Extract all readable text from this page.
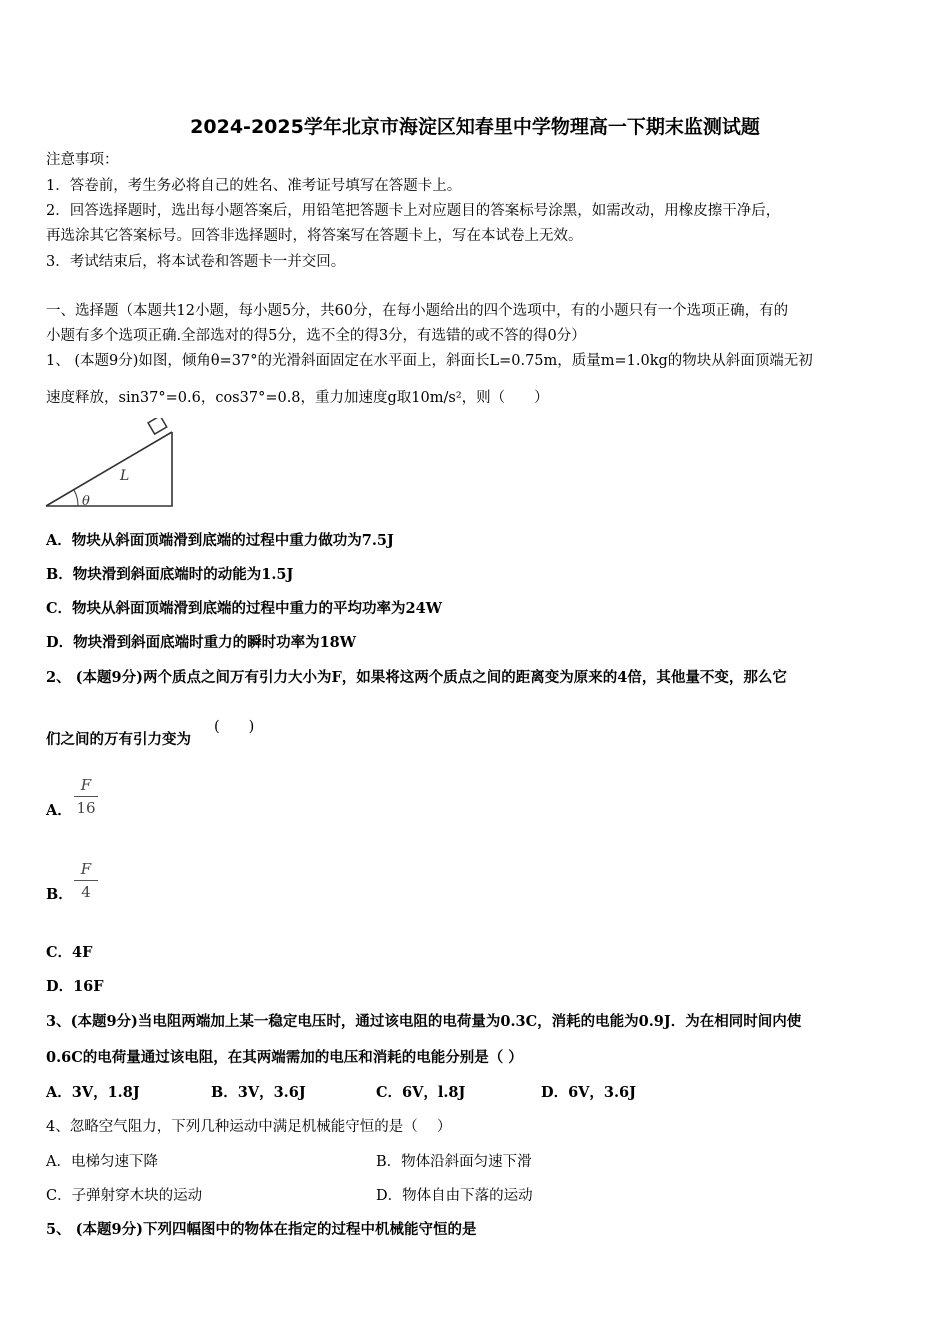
2024-2025学年北京市海淀区知春里中学物理高一下期末监测试题
注意事项：
1．答卷前，考生务必将自己的姓名、准考证号填写在答题卡上。
2．回答选择题时，选出每小题答案后，用铅笔把答题卡上对应题目的答案标号涂黑，如需改动，用橡皮擦干净后，
再选涂其它答案标号。回答非选择题时，将答案写在答题卡上，写在本试卷上无效。
3．考试结束后，将本试卷和答题卡一并交回。
一、选择题（本题共12小题，每小题5分，共60分，在每小题给出的四个选项中，有的小题只有一个选项正确，有的
小题有多个选项正确.全部选对的得5分，选不全的得3分，有选错的或不答的得0分）
1、 (本题9分)如图，倾角θ=37°的光滑斜面固定在水平面上，斜面长L=0.75m，质量m=1.0kg的物块从斜面顶端无初
速度释放，sin37°=0.6，cos37°=0.8，重力加速度g取10m/s²，则（　　）
L
θ
A．物块从斜面顶端滑到底端的过程中重力做功为7.5J
B．物块滑到斜面底端时的动能为1.5J
C．物块从斜面顶端滑到底端的过程中重力的平均功率为24W
D．物块滑到斜面底端时重力的瞬时功率为18W
2、 (本题9分)两个质点之间万有引力大小为F，如果将这两个质点之间的距离变为原来的4倍，其他量不变，那么它
们之间的万有引力变为
(　　)
A．
F
16
B．
F
4
C．4F
D．16F
3、(本题9分)当电阻两端加上某一稳定电压时，通过该电阻的电荷量为0.3C，消耗的电能为0.9J．为在相同时间内使
0.6C的电荷量通过该电阻，在其两端需加的电压和消耗的电能分别是（ ）
A．3V，1.8J	B．3V，3.6J	C．6V，l.8J	D．6V，3.6J
4、忽略空气阻力，下列几种运动中满足机械能守恒的是（　 ）
A．电梯匀速下降	B．物体沿斜面匀速下滑
C．子弹射穿木块的运动	D．物体自由下落的运动
5、 (本题9分)下列四幅图中的物体在指定的过程中机械能守恒的是
